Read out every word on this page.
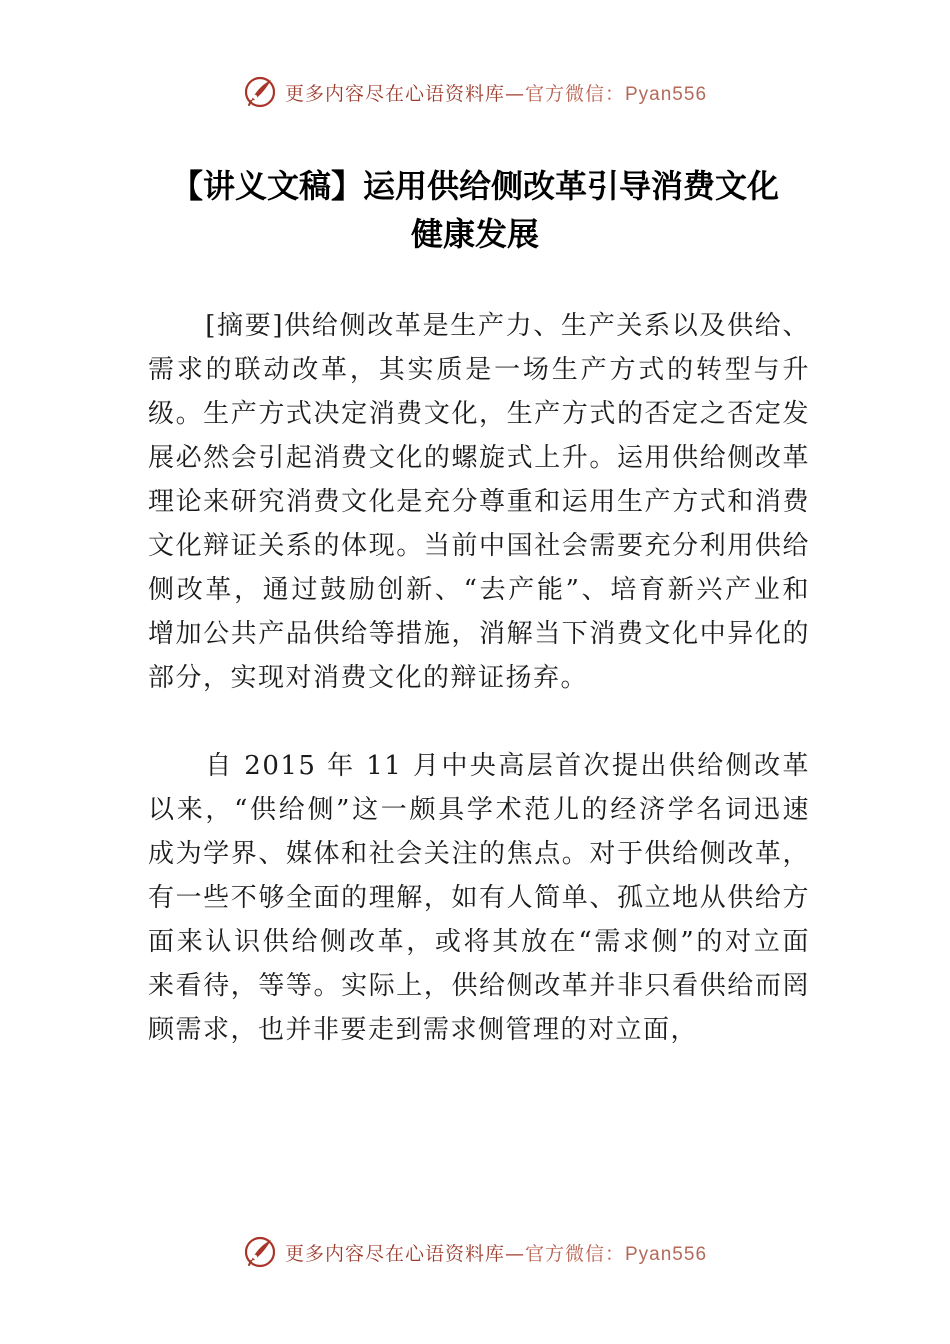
更多内容尽在心语资料库—官方微信：Pyan556
【讲义文稿】运用供给侧改革引导消费文化
健康发展

[摘要]供给侧改革是生产力、生产关系以及供给、需求的联动改革，其实质是一场生产方式的转型与升级。生产方式决定消费文化，生产方式的否定之否定发展必然会引起消费文化的螺旋式上升。运用供给侧改革理论来研究消费文化是充分尊重和运用生产方式和消费文化辩证关系的体现。当前中国社会需要充分利用供给侧改革，通过鼓励创新、“去产能”、培育新兴产业和增加公共产品供给等措施，消解当下消费文化中异化的部分，实现对消费文化的辩证扬弃。

自 2015 年 11 月中央高层首次提出供给侧改革以来，“供给侧”这一颇具学术范儿的经济学名词迅速成为学界、媒体和社会关注的焦点。对于供给侧改革，有一些不够全面的理解，如有人简单、孤立地从供给方面来认识供给侧改革，或将其放在“需求侧”的对立面来看待，等等。实际上，供给侧改革并非只看供给而罔顾需求，也并非要走到需求侧管理的对立面，

更多内容尽在心语资料库—官方微信：Pyan556
